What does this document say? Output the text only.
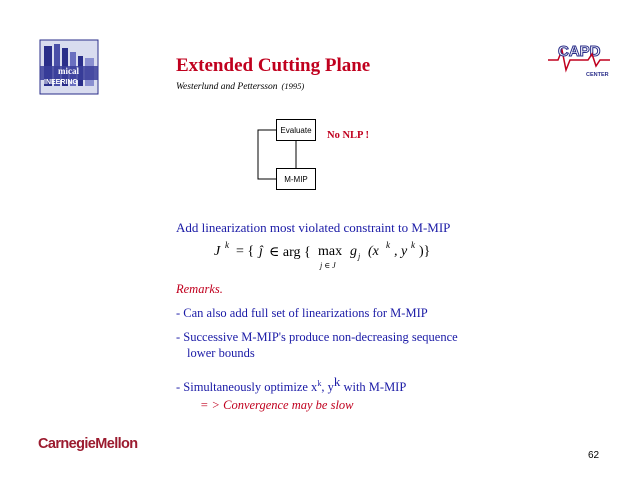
mical
INEERING
CAPD
CENTER
Extended Cutting Plane
Westerlund and Pettersson (1995)
Evaluate
M-MIP
No NLP !
Add linearization most violated constraint to M-MIP
J k = { ĵ ∈ arg { max
j ∈ J
g j (x k , y k )}
Remarks.
- Can also add full set of linearizations for M-MIP
- Successive M-MIP's produce non-decreasing sequence
lower bounds
- Simultaneously optimize $x^k$, yk with M-MIP
= > Convergence may be slow
CarnegieMellon
62
